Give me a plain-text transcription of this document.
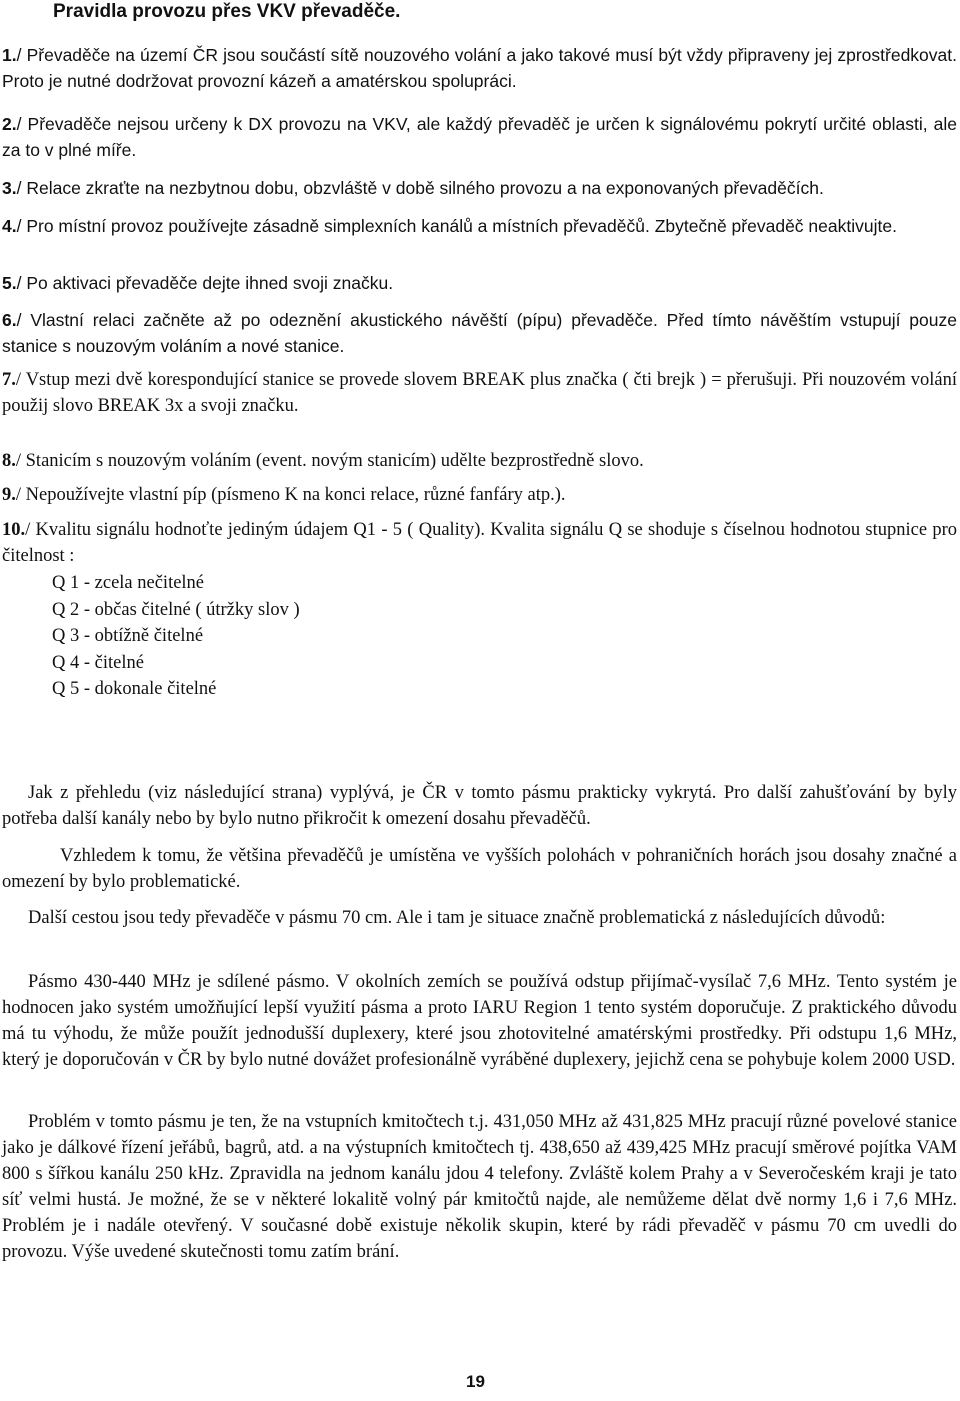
Pravidla provozu přes VKV převaděče.
1./ Převaděče na území ČR jsou součástí sítě nouzového volání a jako takové musí být vždy připraveny jej zprostředkovat. Proto je nutné dodržovat provozní kázeň a amatérskou spolupráci.
2./ Převaděče nejsou určeny k DX provozu na VKV, ale každý převaděč je určen k signálovému pokrytí určité oblasti, ale za to v plné míře.
3./ Relace zkraťte na nezbytnou dobu, obzvláště v době silného provozu a na exponovaných převaděčích.
4./ Pro místní provoz používejte zásadně simplexních kanálů a místních převaděčů. Zbytečně převaděč neaktivujte.
5./ Po aktivaci převaděče dejte ihned svoji značku.
6./ Vlastní relaci začněte až po odeznění akustického návěští (pípu) převaděče. Před tímto návěštím vstupují pouze stanice s nouzovým voláním a nové stanice.
7./ Vstup mezi dvě korespondující stanice se provede slovem BREAK plus značka ( čti brejk ) = přerušuji. Při nouzovém volání použij slovo BREAK 3x a svoji značku.
8./ Stanicím s nouzovým voláním (event. novým stanicím) udělte bezprostředně slovo.
9./ Nepoužívejte vlastní píp (písmeno K na konci relace, různé fanfáry atp.).
10./ Kvalitu signálu hodnoťte jediným údajem Q1 - 5 ( Quality). Kvalita signálu Q se shoduje s číselnou hodnotou stupnice pro čitelnost :
Q 1 - zcela nečitelné
Q 2 - občas čitelné ( útržky slov )
Q 3 - obtížně čitelné
Q 4 - čitelné
Q 5 - dokonale čitelné
Jak z přehledu (viz následující strana) vyplývá, je ČR v tomto pásmu prakticky vykrytá. Pro další zahušťování by byly potřeba další kanály nebo by bylo nutno přikročit k omezení dosahu převaděčů.
Vzhledem k tomu, že většina převaděčů je umístěna ve vyšších polohách v pohraničních horách jsou dosahy značné a omezení by bylo problematické.
Další cestou jsou tedy převaděče v pásmu 70 cm. Ale i tam je situace značně problematická z následujících důvodů:
Pásmo 430-440 MHz je sdílené pásmo. V okolních zemích se používá odstup přijímač-vysílač 7,6 MHz. Tento systém je hodnocen jako systém umožňující lepší využití pásma a proto IARU Region 1 tento systém doporučuje. Z praktického důvodu má tu výhodu, že může použít jednodušší duplexery, které jsou zhotovitelné amatérskými prostředky. Při odstupu 1,6 MHz, který je doporučován v ČR by bylo nutné dovážet profesionálně vyráběné duplexery, jejichž cena se pohybuje kolem 2000 USD.
Problém v tomto pásmu je ten, že na vstupních kmitočtech t.j. 431,050 MHz až 431,825 MHz pracují různé povelové stanice jako je dálkové řízení jeřábů, bagrů, atd. a na výstupních kmitočtech tj. 438,650 až 439,425 MHz pracují směrové pojítka VAM 800 s šířkou kanálu 250 kHz. Zpravidla na jednom kanálu jdou 4 telefony. Zvláště kolem Prahy a v Severočeském kraji je tato síť velmi hustá. Je možné, že se v některé lokalitě volný pár kmitočtů najde, ale nemůžeme dělat dvě normy 1,6 i 7,6 MHz. Problém je i nadále otevřený. V současné době existuje několik skupin, které by rádi převaděč v pásmu 70 cm uvedli do provozu. Výše uvedené skutečnosti tomu zatím brání.
19
